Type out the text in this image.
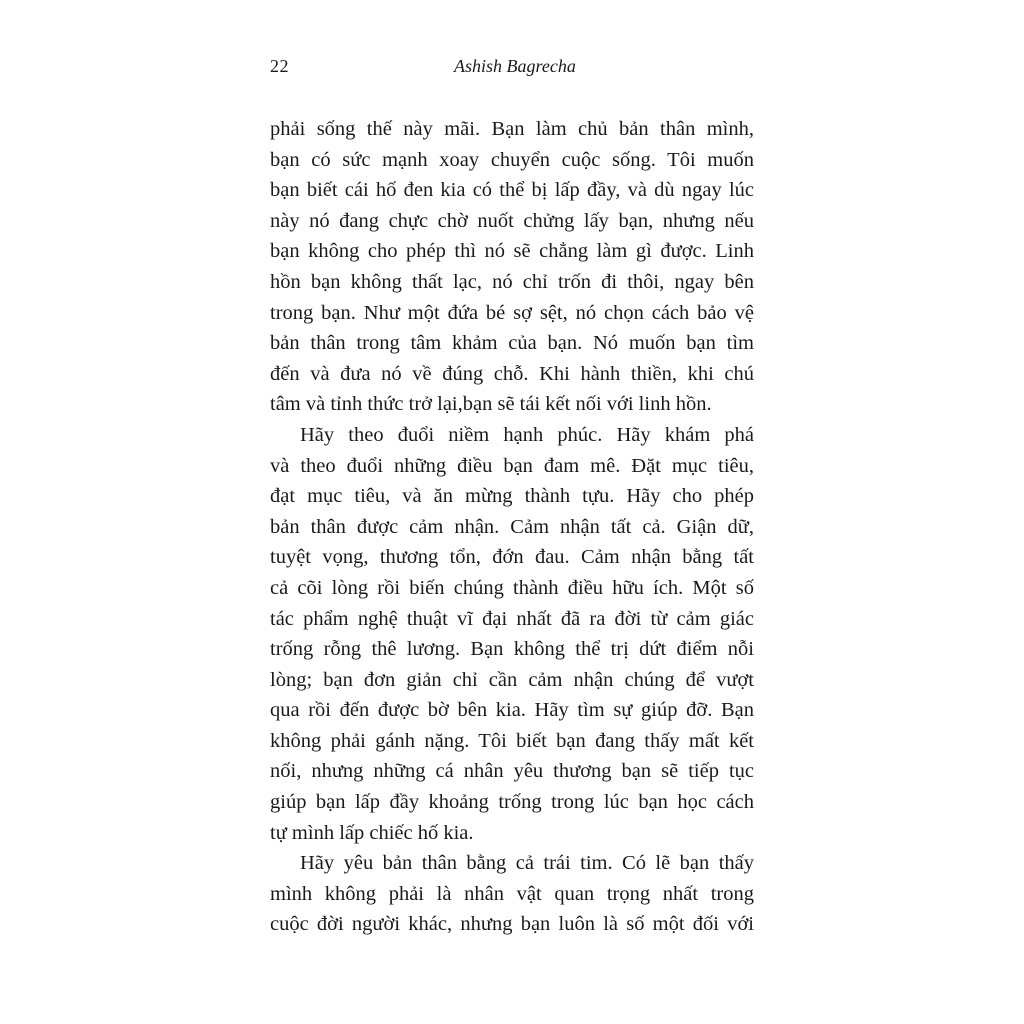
22	Ashish Bagrecha
phải sống thế này mãi. Bạn làm chủ bản thân mình,
bạn có sức mạnh xoay chuyển cuộc sống. Tôi muốn
bạn biết cái hố đen kia có thể bị lấp đầy, và dù ngay lúc
này nó đang chực chờ nuốt chửng lấy bạn, nhưng nếu
bạn không cho phép thì nó sẽ chẳng làm gì được. Linh
hồn bạn không thất lạc, nó chỉ trốn đi thôi, ngay bên
trong bạn. Như một đứa bé sợ sệt, nó chọn cách bảo vệ
bản thân trong tâm khảm của bạn. Nó muốn bạn tìm
đến và đưa nó về đúng chỗ. Khi hành thiền, khi chú
tâm và tỉnh thức trở lại,bạn sẽ tái kết nối với linh hồn.
Hãy theo đuổi niềm hạnh phúc. Hãy khám phá
và theo đuổi những điều bạn đam mê. Đặt mục tiêu,
đạt mục tiêu, và ăn mừng thành tựu. Hãy cho phép
bản thân được cảm nhận. Cảm nhận tất cả. Giận dữ,
tuyệt vọng, thương tổn, đớn đau. Cảm nhận bằng tất
cả cõi lòng rồi biến chúng thành điều hữu ích. Một số
tác phẩm nghệ thuật vĩ đại nhất đã ra đời từ cảm giác
trống rỗng thê lương. Bạn không thể trị dứt điểm nỗi
lòng; bạn đơn giản chỉ cần cảm nhận chúng để vượt
qua rồi đến được bờ bên kia. Hãy tìm sự giúp đỡ. Bạn
không phải gánh nặng. Tôi biết bạn đang thấy mất kết
nối, nhưng những cá nhân yêu thương bạn sẽ tiếp tục
giúp bạn lấp đầy khoảng trống trong lúc bạn học cách
tự mình lấp chiếc hố kia.
Hãy yêu bản thân bằng cả trái tim. Có lẽ bạn thấy
mình không phải là nhân vật quan trọng nhất trong
cuộc đời người khác, nhưng bạn luôn là số một đối với
